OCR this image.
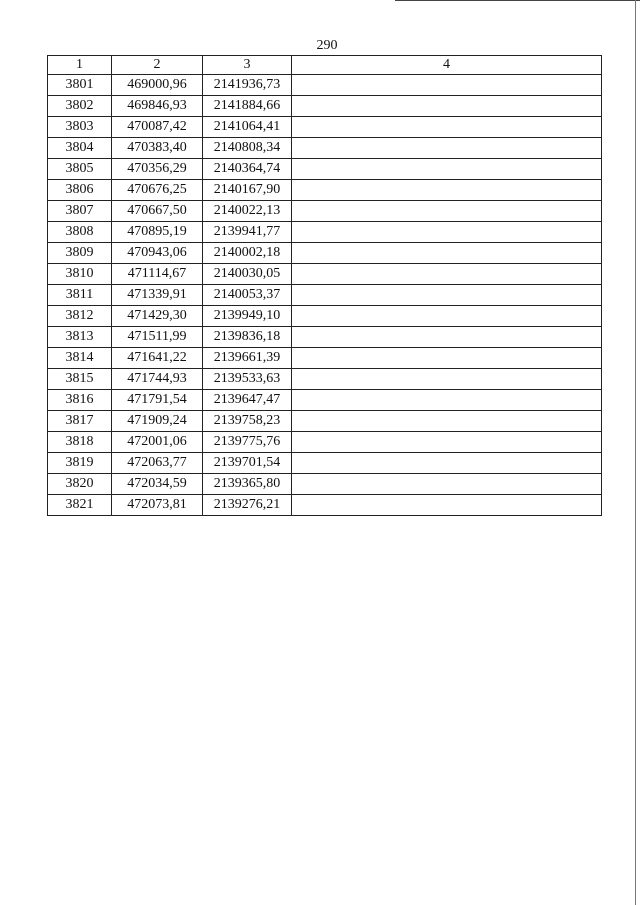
290
1	2	3	4
3801	469000,96	2141936,73	
3802	469846,93	2141884,66	
3803	470087,42	2141064,41	
3804	470383,40	2140808,34	
3805	470356,29	2140364,74	
3806	470676,25	2140167,90	
3807	470667,50	2140022,13	
3808	470895,19	2139941,77	
3809	470943,06	2140002,18	
3810	471114,67	2140030,05	
3811	471339,91	2140053,37	
3812	471429,30	2139949,10	
3813	471511,99	2139836,18	
3814	471641,22	2139661,39	
3815	471744,93	2139533,63	
3816	471791,54	2139647,47	
3817	471909,24	2139758,23	
3818	472001,06	2139775,76	
3819	472063,77	2139701,54	
3820	472034,59	2139365,80	
3821	472073,81	2139276,21	
